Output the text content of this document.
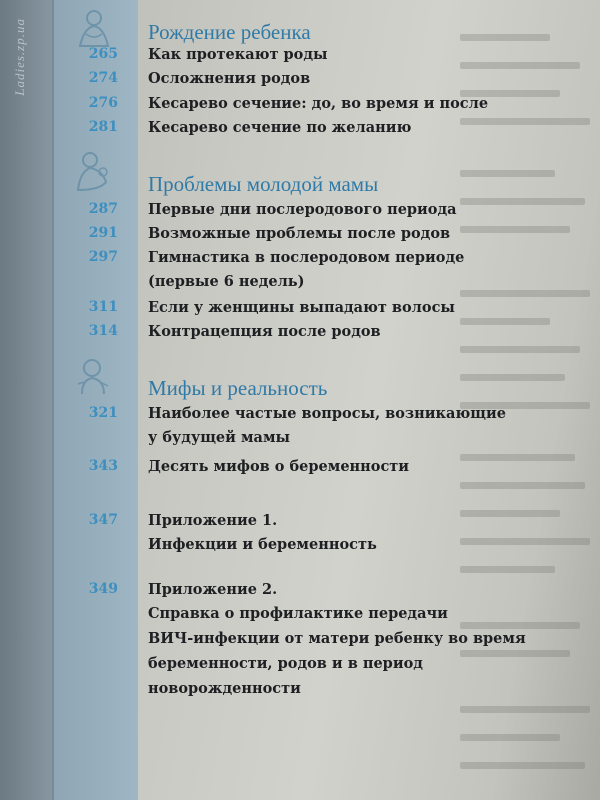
Ladies.zp.ua	Рождение ребенка
265 Как протекают роды
274 Осложнения родов
276 Кесарево сечение: до, во время и после
281 Кесарево сечение по желанию
Проблемы молодой мамы
287 Первые дни послеродового периода
291 Возможные проблемы после родов
297 Гимнастика в послеродовом периоде
(первые 6 недель)
311 Если у женщины выпадают волосы
314 Контрацепция после родов
Мифы и реальность
321 Наиболее частые вопросы, возникающие
у будущей мамы
343 Десять мифов о беременности
347 Приложение 1.
Инфекции и беременность
349 Приложение 2.
Справка о профилактике передачи
ВИЧ-инфекции от матери ребенку во время
беременности, родов и в период
новорожденности
